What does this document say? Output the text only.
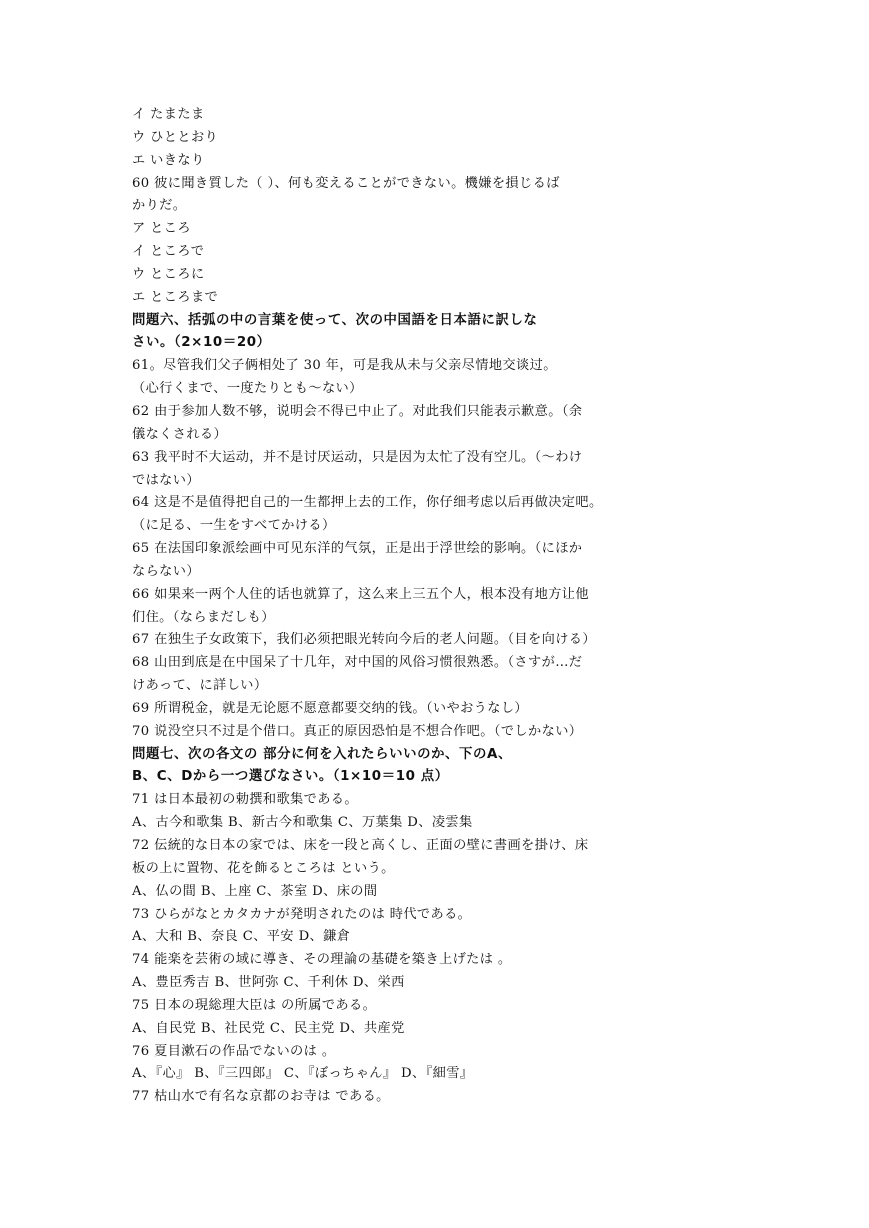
イ たまたま
ウ ひととおり
エ いきなり
60 彼に聞き質した（ ）、何も変えることができない。機嫌を損じるば
かりだ。
ア ところ
イ ところで
ウ ところに
エ ところまで
問題六、括弧の中の言葉を使って、次の中国語を日本語に訳しな
さい。（2×10＝20）
61。尽管我们父子俩相处了 30 年，可是我从未与父亲尽情地交谈过。
（心行くまで、一度たりとも～ない）
62 由于参加人数不够，说明会不得已中止了。对此我们只能表示歉意。（余
儀なくされる）
63 我平时不大运动，并不是讨厌运动，只是因为太忙了没有空儿。（～わけ
ではない）
64 这是不是值得把自己的一生都押上去的工作，你仔细考虑以后再做决定吧。
（に足る、一生をすべてかける）
65 在法国印象派绘画中可见东洋的气氛，正是出于浮世绘的影响。（にほか
ならない）
66 如果来一两个人住的话也就算了，这么来上三五个人，根本没有地方让他
们住。（ならまだしも）
67 在独生子女政策下，我们必须把眼光转向今后的老人问题。（目を向ける）
68 山田到底是在中国呆了十几年，对中国的风俗习惯很熟悉。（さすが…だ
けあって、に詳しい）
69 所谓税金，就是无论愿不愿意都要交纳的钱。（いやおうなし）
70 说没空只不过是个借口。真正的原因恐怕是不想合作吧。（でしかない）
問題七、次の各文の 部分に何を入れたらいいのか、下のA、
B、C、Dから一つ選びなさい。（1×10＝10 点）
71 は日本最初の勅撰和歌集である。
A、古今和歌集 B、新古今和歌集 C、万葉集 D、凌雲集
72 伝統的な日本の家では、床を一段と高くし、正面の壁に書画を掛け、床
板の上に置物、花を飾るところは という。
A、仏の間 B、上座 C、茶室 D、床の間
73 ひらがなとカタカナが発明されたのは 時代である。
A、大和 B、奈良 C、平安 D、鎌倉
74 能楽を芸術の域に導き、その理論の基礎を築き上げたは 。
A、豊臣秀吉 B、世阿弥 C、千利休 D、栄西
75 日本の現総理大臣は の所属である。
A、自民党 B、社民党 C、民主党 D、共産党
76 夏目漱石の作品でないのは 。
A、『心』 B、『三四郎』 C、『ぼっちゃん』 D、『細雪』
77 枯山水で有名な京都のお寺は である。
